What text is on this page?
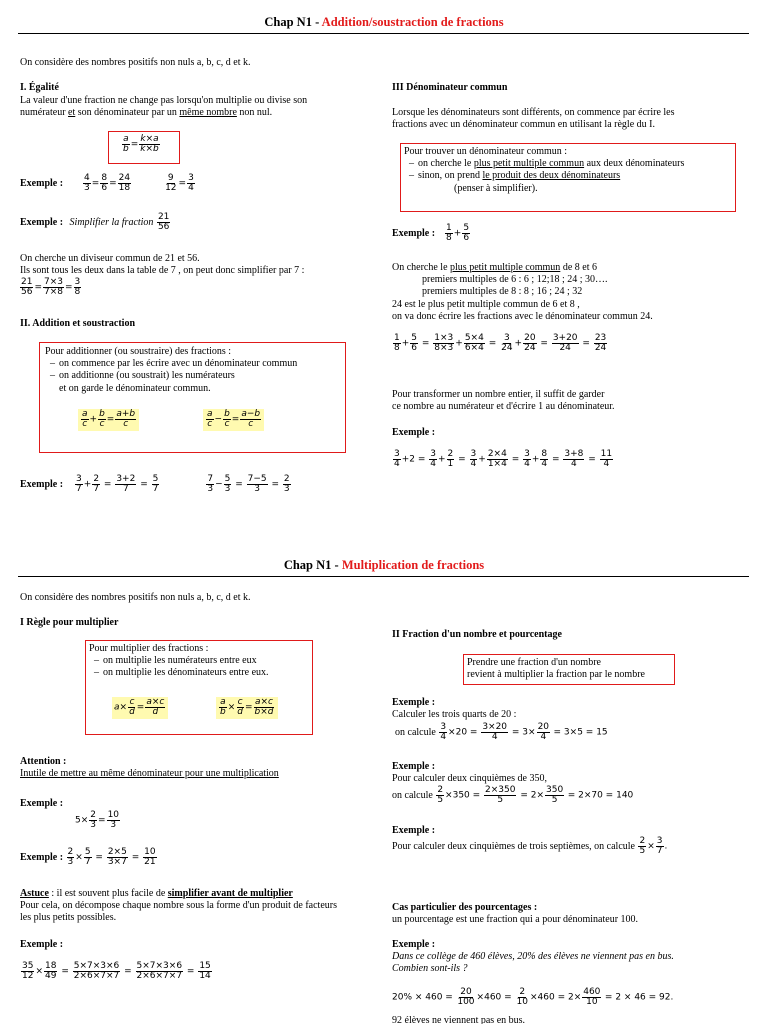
Chap N1 - Addition/soustraction de fractions
On considère des nombres positifs non nuls a, b, c, d et k.
I. Égalité
La valeur d'une fraction ne change pas lorsqu'on multiplie ou divise son
numérateur et son dénominateur par un même nombre non nul.
$\frac{a}{b} = \frac{k\times a}{k\times b}$
Exemple : $\frac{4}{3} = \frac{8}{6} = \frac{24}{18}$
	$\frac{9}{12} = \frac{3}{4}$
Exemple : Simplifier la fraction $\frac{21}{56}$
On cherche un diviseur commun de 21 et 56.
Ils sont tous les deux dans la table de 7 , on peut donc simplifier par 7 :
$\frac{21}{56} = \frac{7\times 3}{7\times 8} = \frac{3}{8}$
II. Addition et soustraction
Pour additionner (ou soustraire) des fractions :
– on commence par les écrire avec un dénominateur commun
– on additionne (ou soustrait) les numérateurs
et on garde le dénominateur commun.
$\frac{a}{c} + \frac{b}{c} = \frac{a+b}{c}$	$\frac{a}{c} - \frac{b}{c} = \frac{a-b}{c}$
Exemple : $\frac{3}{7} + \frac{2}{7} = \frac{3+2}{7} = \frac{5}{7}$
	$\frac{7}{3} - \frac{5}{3} = \frac{7-5}{3} = \frac{2}{3}$
III Dénominateur commun
Lorsque les dénominateurs sont différents, on commence par écrire les
fractions avec un dénominateur commun en utilisant la règle du I.
Pour trouver un dénominateur commun :
– on cherche le plus petit multiple commun aux deux dénominateurs
– sinon, on prend le produit des deux dénominateurs
(penser à simplifier).
Exemple : $\frac{1}{8} + \frac{5}{6}$
On cherche le plus petit multiple commun de 8 et 6
premiers multiples de 6 : 6 ; 12;18 ; 24 ; 30….
premiers multiples de 8 : 8 ; 16 ; 24 ; 32
24 est le plus petit multiple commun de 6 et 8 ,
on va donc écrire les fractions avec le dénominateur commun 24.
$\frac{1}{8} + \frac{5}{6} = \frac{1\times 3}{8\times 3} + \frac{5\times 4}{6\times 4} = \frac{3}{24} + \frac{20}{24} = \frac{3+20}{24} = \frac{23}{24}$
Pour transformer un nombre entier, il suffit de garder
ce nombre au numérateur et d'écrire 1 au dénominateur.
Exemple :
$\frac{3}{4} +2 = \frac{3}{4} + \frac{2}{1} = \frac{3}{4} + \frac{2\times 4}{1\times 4} = \frac{3}{4} + \frac{8}{4} = \frac{3+8}{4} = \frac{11}{4}$
Chap N1 - Multiplication de fractions
On considère des nombres positifs non nuls a, b, c, d et k.
I Règle pour multiplier
Pour multiplier des fractions :
– on multiplie les numérateurs entre eux
– on multiplie les dénominateurs entre eux.
$a\times \frac{c}{d} = \frac{a\times c}{d}$	$\frac{a}{b} \times \frac{c}{d} = \frac{a\times c}{b\times d}$
Attention :
Inutile de mettre au même dénominateur pour une multiplication
Exemple :
$5\times \frac{2}{3} = \frac{10}{3}$
Exemple : $\frac{2}{3} \times \frac{5}{7} = \frac{2\times 5}{3\times 7} = \frac{10}{21}$
Astuce : il est souvent plus facile de simplifier avant de multiplier
Pour cela, on décompose chaque nombre sous la forme d'un produit de facteurs
les plus petits possibles.
Exemple :
$\frac{35}{12} \times \frac{18}{49} = \frac{5\times 7\times 3\times 6}{2\times 6\times 7\times 7} = \frac{5\times 7\times 3\times 6}{2\times 6\times 7\times 7} = \frac{15}{14}$
II Fraction d'un nombre et pourcentage
Prendre une fraction d'un nombre
revient à multiplier la fraction par le nombre
Exemple :
Calculer les trois quarts de 20 :
on calcule $\frac{3}{4} \times 20 = \frac{3\times 20}{4} = 3\times \frac{20}{4} = 3\times 5 = 15$
Exemple :
Pour calculer deux cinquièmes de 350,
on calcule $\frac{2}{5} \times 350 = \frac{2\times 350}{5} = 2\times \frac{350}{5} = 2\times 70 = 140$
Exemple :
Pour calculer deux cinquièmes de trois septièmes, on calcule $\frac{2}{5} \times \frac{3}{7}$ .
Cas particulier des pourcentages :
un pourcentage est une fraction qui a pour dénominateur 100.
Exemple :
Dans ce collège de 460 élèves, 20% des élèves ne viennent pas en bus.
Combien sont-ils ?
$20\% \times 460 = \frac{20}{100} \times 460 = \frac{2}{10} \times 460 = 2\times \frac{460}{10} = 2 \times 46 = 92$.
92 élèves ne viennent pas en bus.
